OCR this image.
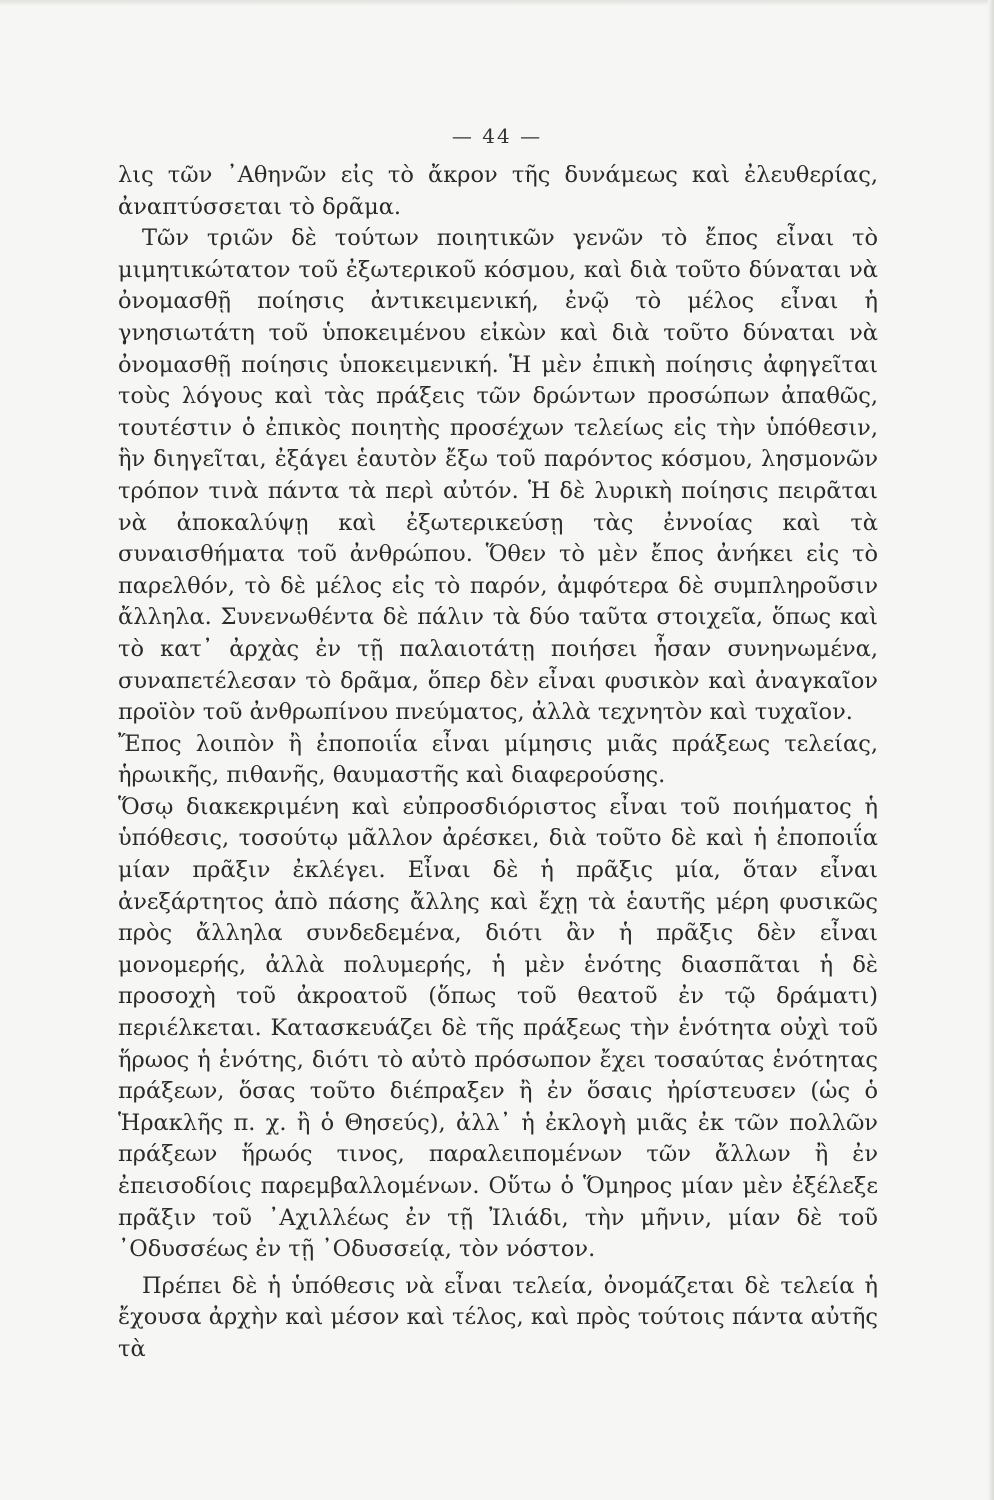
— 44 —

λις τῶν ᾽Αθηνῶν εἰς τὸ ἄκρον τῆς δυνάμεως καὶ ἐλευθερίας, ἀναπτύσσεται τὸ δρᾶμα.

Τῶν τριῶν δὲ τούτων ποιητικῶν γενῶν τὸ ἔπος εἶναι τὸ μιμητικώτατον τοῦ ἐξωτερικοῦ κόσμου, καὶ διὰ τοῦτο δύναται νὰ ὀνομασθῇ ποίησις ἀντικειμενική, ἐνῷ τὸ μέλος εἶναι ἡ γνησιωτάτη τοῦ ὑποκειμένου εἰκὼν καὶ διὰ τοῦτο δύναται νὰ ὀνομασθῇ ποίησις ὑποκειμενική. Ἡ μὲν ἐπικὴ ποίησις ἀφηγεῖται τοὺς λόγους καὶ τὰς πράξεις τῶν δρώντων προσώπων ἀπαθῶς, τουτέστιν ὁ ἐπικὸς ποιητὴς προσέχων τελείως εἰς τὴν ὑπόθεσιν, ἣν διηγεῖται, ἐξάγει ἑαυτὸν ἔξω τοῦ παρόντος κόσμου, λησμονῶν τρόπον τινὰ πάντα τὰ περὶ αὐτόν. Ἡ δὲ λυρικὴ ποίησις πειρᾶται νὰ ἀποκαλύψῃ καὶ ἐξωτερικεύσῃ τὰς ἐννοίας καὶ τὰ συναισθήματα τοῦ ἀνθρώπου. Ὅθεν τὸ μὲν ἔπος ἀνήκει εἰς τὸ παρελθόν, τὸ δὲ μέλος εἰς τὸ παρόν, ἀμφότερα δὲ συμπληροῦσιν ἄλληλα. Συνενωθέντα δὲ πάλιν τὰ δύο ταῦτα στοιχεῖα, ὅπως καὶ τὸ κατ᾽ ἀρχὰς ἐν τῇ παλαιοτάτῃ ποιήσει ἦσαν συνηνωμένα, συναπετέλεσαν τὸ δρᾶμα, ὅπερ δὲν εἶναι φυσικὸν καὶ ἀναγκαῖον προϊὸν τοῦ ἀνθρωπίνου πνεύματος, ἀλλὰ τεχνητὸν καὶ τυχαῖον.

Ἔπος λοιπὸν ἢ ἐποποιΐα εἶναι μίμησις μιᾶς πράξεως τελείας, ἡρωικῆς, πιθανῆς, θαυμαστῆς καὶ διαφερούσης.

Ὅσῳ διακεκριμένη καὶ εὐπροσδιόριστος εἶναι τοῦ ποιήματος ἡ ὑπόθεσις, τοσούτῳ μᾶλλον ἀρέσκει, διὰ τοῦτο δὲ καὶ ἡ ἐποποιΐα μίαν πρᾶξιν ἐκλέγει. Εἶναι δὲ ἡ πρᾶξις μία, ὅταν εἶναι ἀνεξάρτητος ἀπὸ πάσης ἄλλης καὶ ἔχῃ τὰ ἑαυτῆς μέρη φυσικῶς πρὸς ἄλληλα συνδεδεμένα, διότι ἂν ἡ πρᾶξις δὲν εἶναι μονομερής, ἀλλὰ πολυμερής, ἡ μὲν ἑνότης διασπᾶται ἡ δὲ προσοχὴ τοῦ ἀκροατοῦ (ὅπως τοῦ θεατοῦ ἐν τῷ δράματι) περιέλκεται. Κατασκευάζει δὲ τῆς πράξεως τὴν ἑνότητα οὐχὶ τοῦ ἥρωος ἡ ἑνότης, διότι τὸ αὐτὸ πρόσωπον ἔχει τοσαύτας ἑνότητας πράξεων, ὅσας τοῦτο διέπραξεν ἢ ἐν ὅσαις ἠρίστευσεν (ὡς ὁ Ἡρακλῆς π. χ. ἢ ὁ Θησεύς), ἀλλ᾽ ἡ ἐκλογὴ μιᾶς ἐκ τῶν πολλῶν πράξεων ἥρωός τινος, παραλειπομένων τῶν ἄλλων ἢ ἐν ἐπεισοδίοις παρεμβαλλομένων. Οὕτω ὁ Ὅμηρος μίαν μὲν ἐξέλεξε πρᾶξιν τοῦ ᾽Αχιλλέως ἐν τῇ Ἰλιάδι, τὴν μῆνιν, μίαν δὲ τοῦ ᾽Οδυσσέως ἐν τῇ ᾽Οδυσσείᾳ, τὸν νόστον.

Πρέπει δὲ ἡ ὑπόθεσις νὰ εἶναι τελεία, ὀνομάζεται δὲ τελεία ἡ ἔχουσα ἀρχὴν καὶ μέσον καὶ τέλος, καὶ πρὸς τούτοις πάντα αὐτῆς τὰ
